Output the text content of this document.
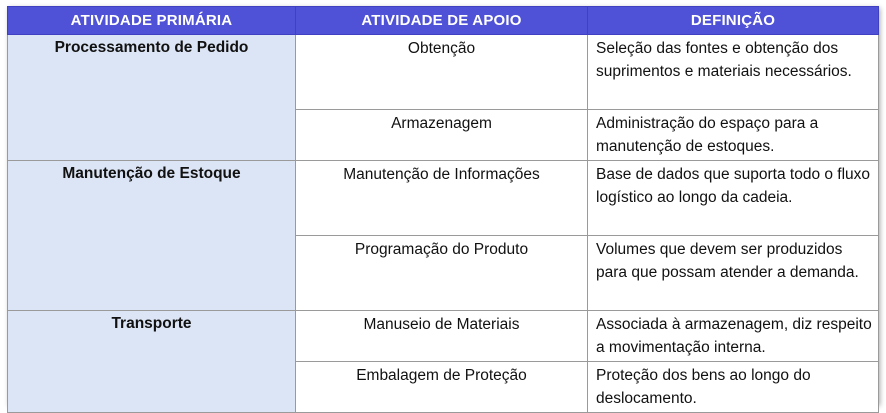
ATIVIDADE PRIMÁRIA	ATIVIDADE DE APOIO	DEFINIÇÃO
Processamento de Pedido	Obtenção	Seleção das fontes e obtenção dos suprimentos e materiais necessários.
	Armazenagem	Administração do espaço para a manutenção de estoques.
Manutenção de Estoque	Manutenção de Informações	Base de dados que suporta todo o fluxo logístico ao longo da cadeia.
	Programação do Produto	Volumes que devem ser produzidos para que possam atender a demanda.
Transporte	Manuseio de Materiais	Associada à armazenagem, diz respeito a movimentação interna.
	Embalagem de Proteção	Proteção dos bens ao longo do deslocamento.
